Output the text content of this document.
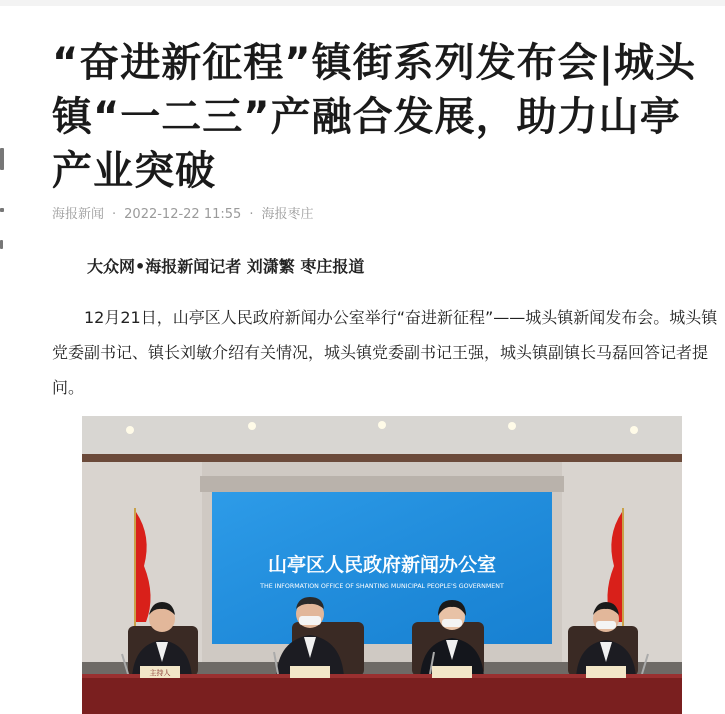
“奋进新征程”镇街系列发布会|城头镇“一二三”产融合发展，助力山亭产业突破
海报新闻 · 2022-12-22 11:55 · 海报枣庄
大众网•海报新闻记者 刘潇繁 枣庄报道

12月21日，山亭区人民政府新闻办公室举行“奋进新征程”——城头镇新闻发布会。城头镇党委副书记、镇长刘敏介绍有关情况，城头镇党委副书记王强，城头镇副镇长马磊回答记者提问。

山亭区人民政府新闻办公室
THE INFORMATION OFFICE OF SHANTING MUNICIPAL PEOPLE'S GOVERNMENT
主持人
